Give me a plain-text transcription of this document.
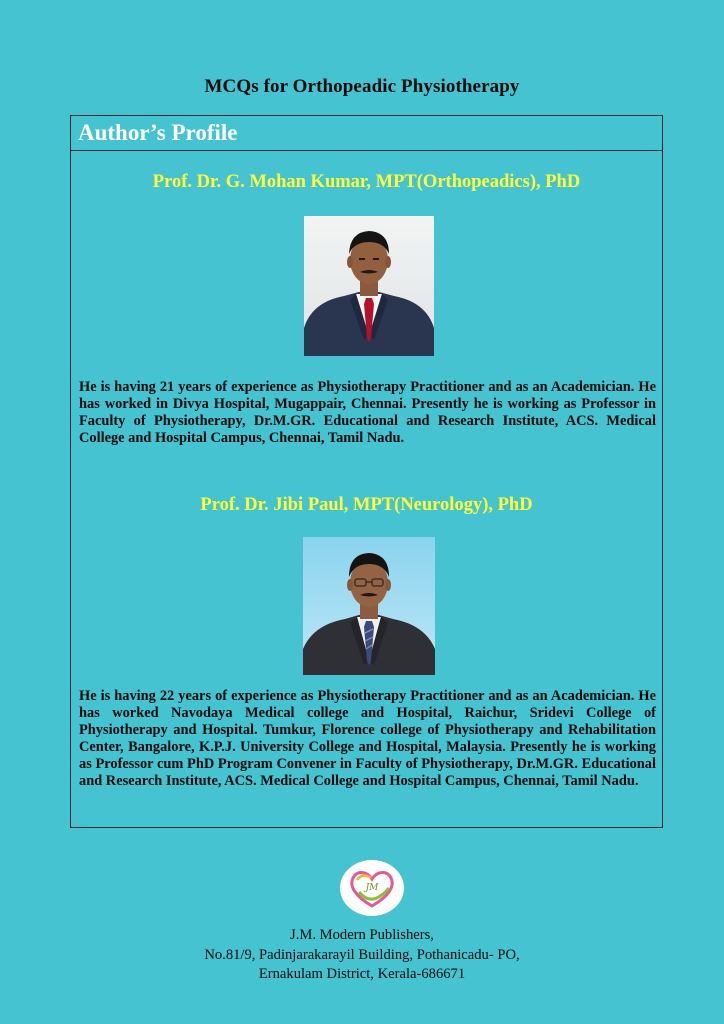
MCQs for Orthopeadic Physiotherapy
Author’s Profile
Prof. Dr. G. Mohan Kumar, MPT(Orthopeadics), PhD

He is having 21 years of experience as Physiotherapy Practitioner and as an Academician. He has worked in Divya Hospital, Mugappair, Chennai. Presently he is working as Professor in Faculty of Physiotherapy, Dr.M.GR. Educational and Research Institute, ACS. Medical College and Hospital Campus, Chennai, Tamil Nadu.

Prof. Dr. Jibi Paul, MPT(Neurology), PhD

He is having 22 years of experience as Physiotherapy Practitioner and as an Academician. He has worked Navodaya Medical college and Hospital, Raichur, Sridevi College of Physiotherapy and Hospital. Tumkur, Florence college of Physiotherapy and Rehabilitation Center, Bangalore, K.P.J. University College and Hospital, Malaysia. Presently he is working as Professor cum PhD Program Convener in Faculty of Physiotherapy, Dr.M.GR. Educational and Research Institute, ACS. Medical College and Hospital Campus, Chennai, Tamil Nadu.

JM
J.M. Modern Publishers,
No.81/9, Padinjarakarayil Building, Pothanicadu- PO,
Ernakulam District, Kerala-686671
